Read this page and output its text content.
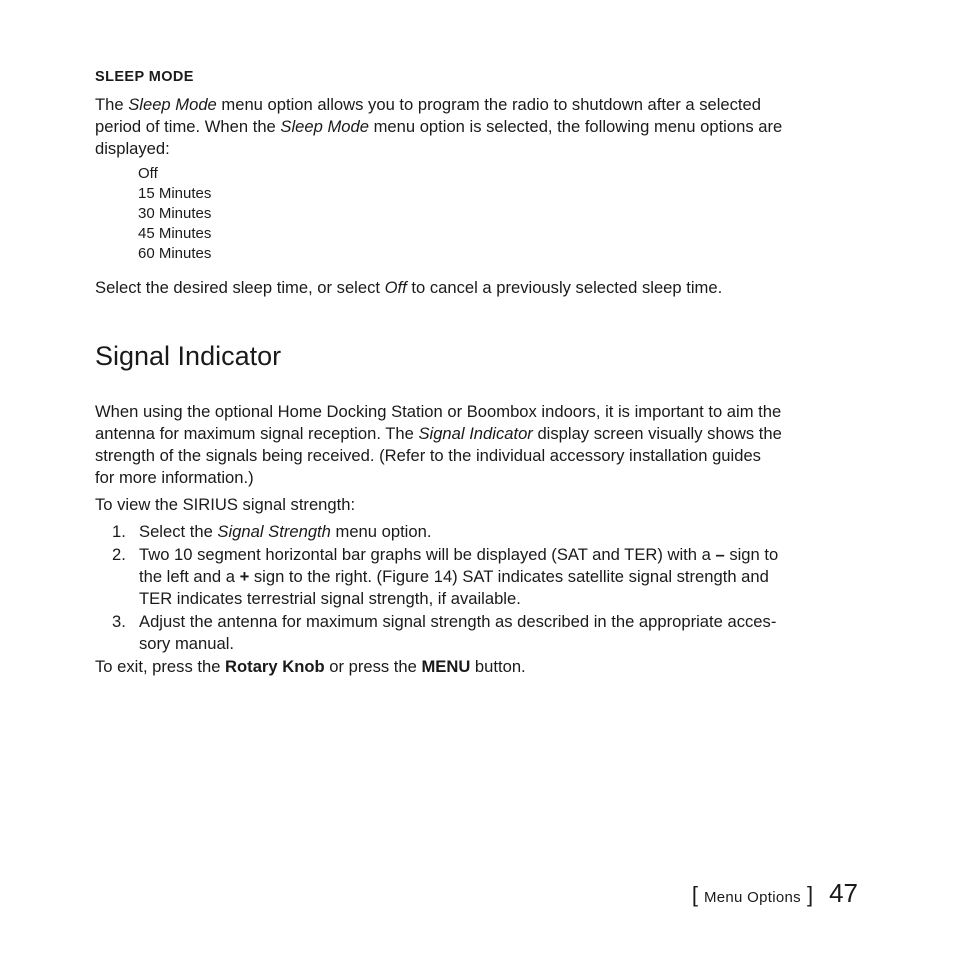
SLEEP MODE
The Sleep Mode menu option allows you to program the radio to shutdown after a selected
period of time. When the Sleep Mode menu option is selected, the following menu options are
displayed:
Off
15 Minutes
30 Minutes
45 Minutes
60 Minutes
Select the desired sleep time, or select Off to cancel a previously selected sleep time.
Signal Indicator
When using the optional Home Docking Station or Boombox indoors, it is important to aim the
antenna for maximum signal reception. The Signal Indicator display screen visually shows the
strength of the signals being received. (Refer to the individual accessory installation guides
for more information.)
To view the SIRIUS signal strength:
1. Select the Signal Strength menu option.
2. Two 10 segment horizontal bar graphs will be displayed (SAT and TER) with a – sign to
the left and a + sign to the right. (Figure 14) SAT indicates satellite signal strength and
TER indicates terrestrial signal strength, if available.
3. Adjust the antenna for maximum signal strength as described in the appropriate acces-
sory manual.
To exit, press the Rotary Knob or press the MENU button.
[ Menu Options ] 47
